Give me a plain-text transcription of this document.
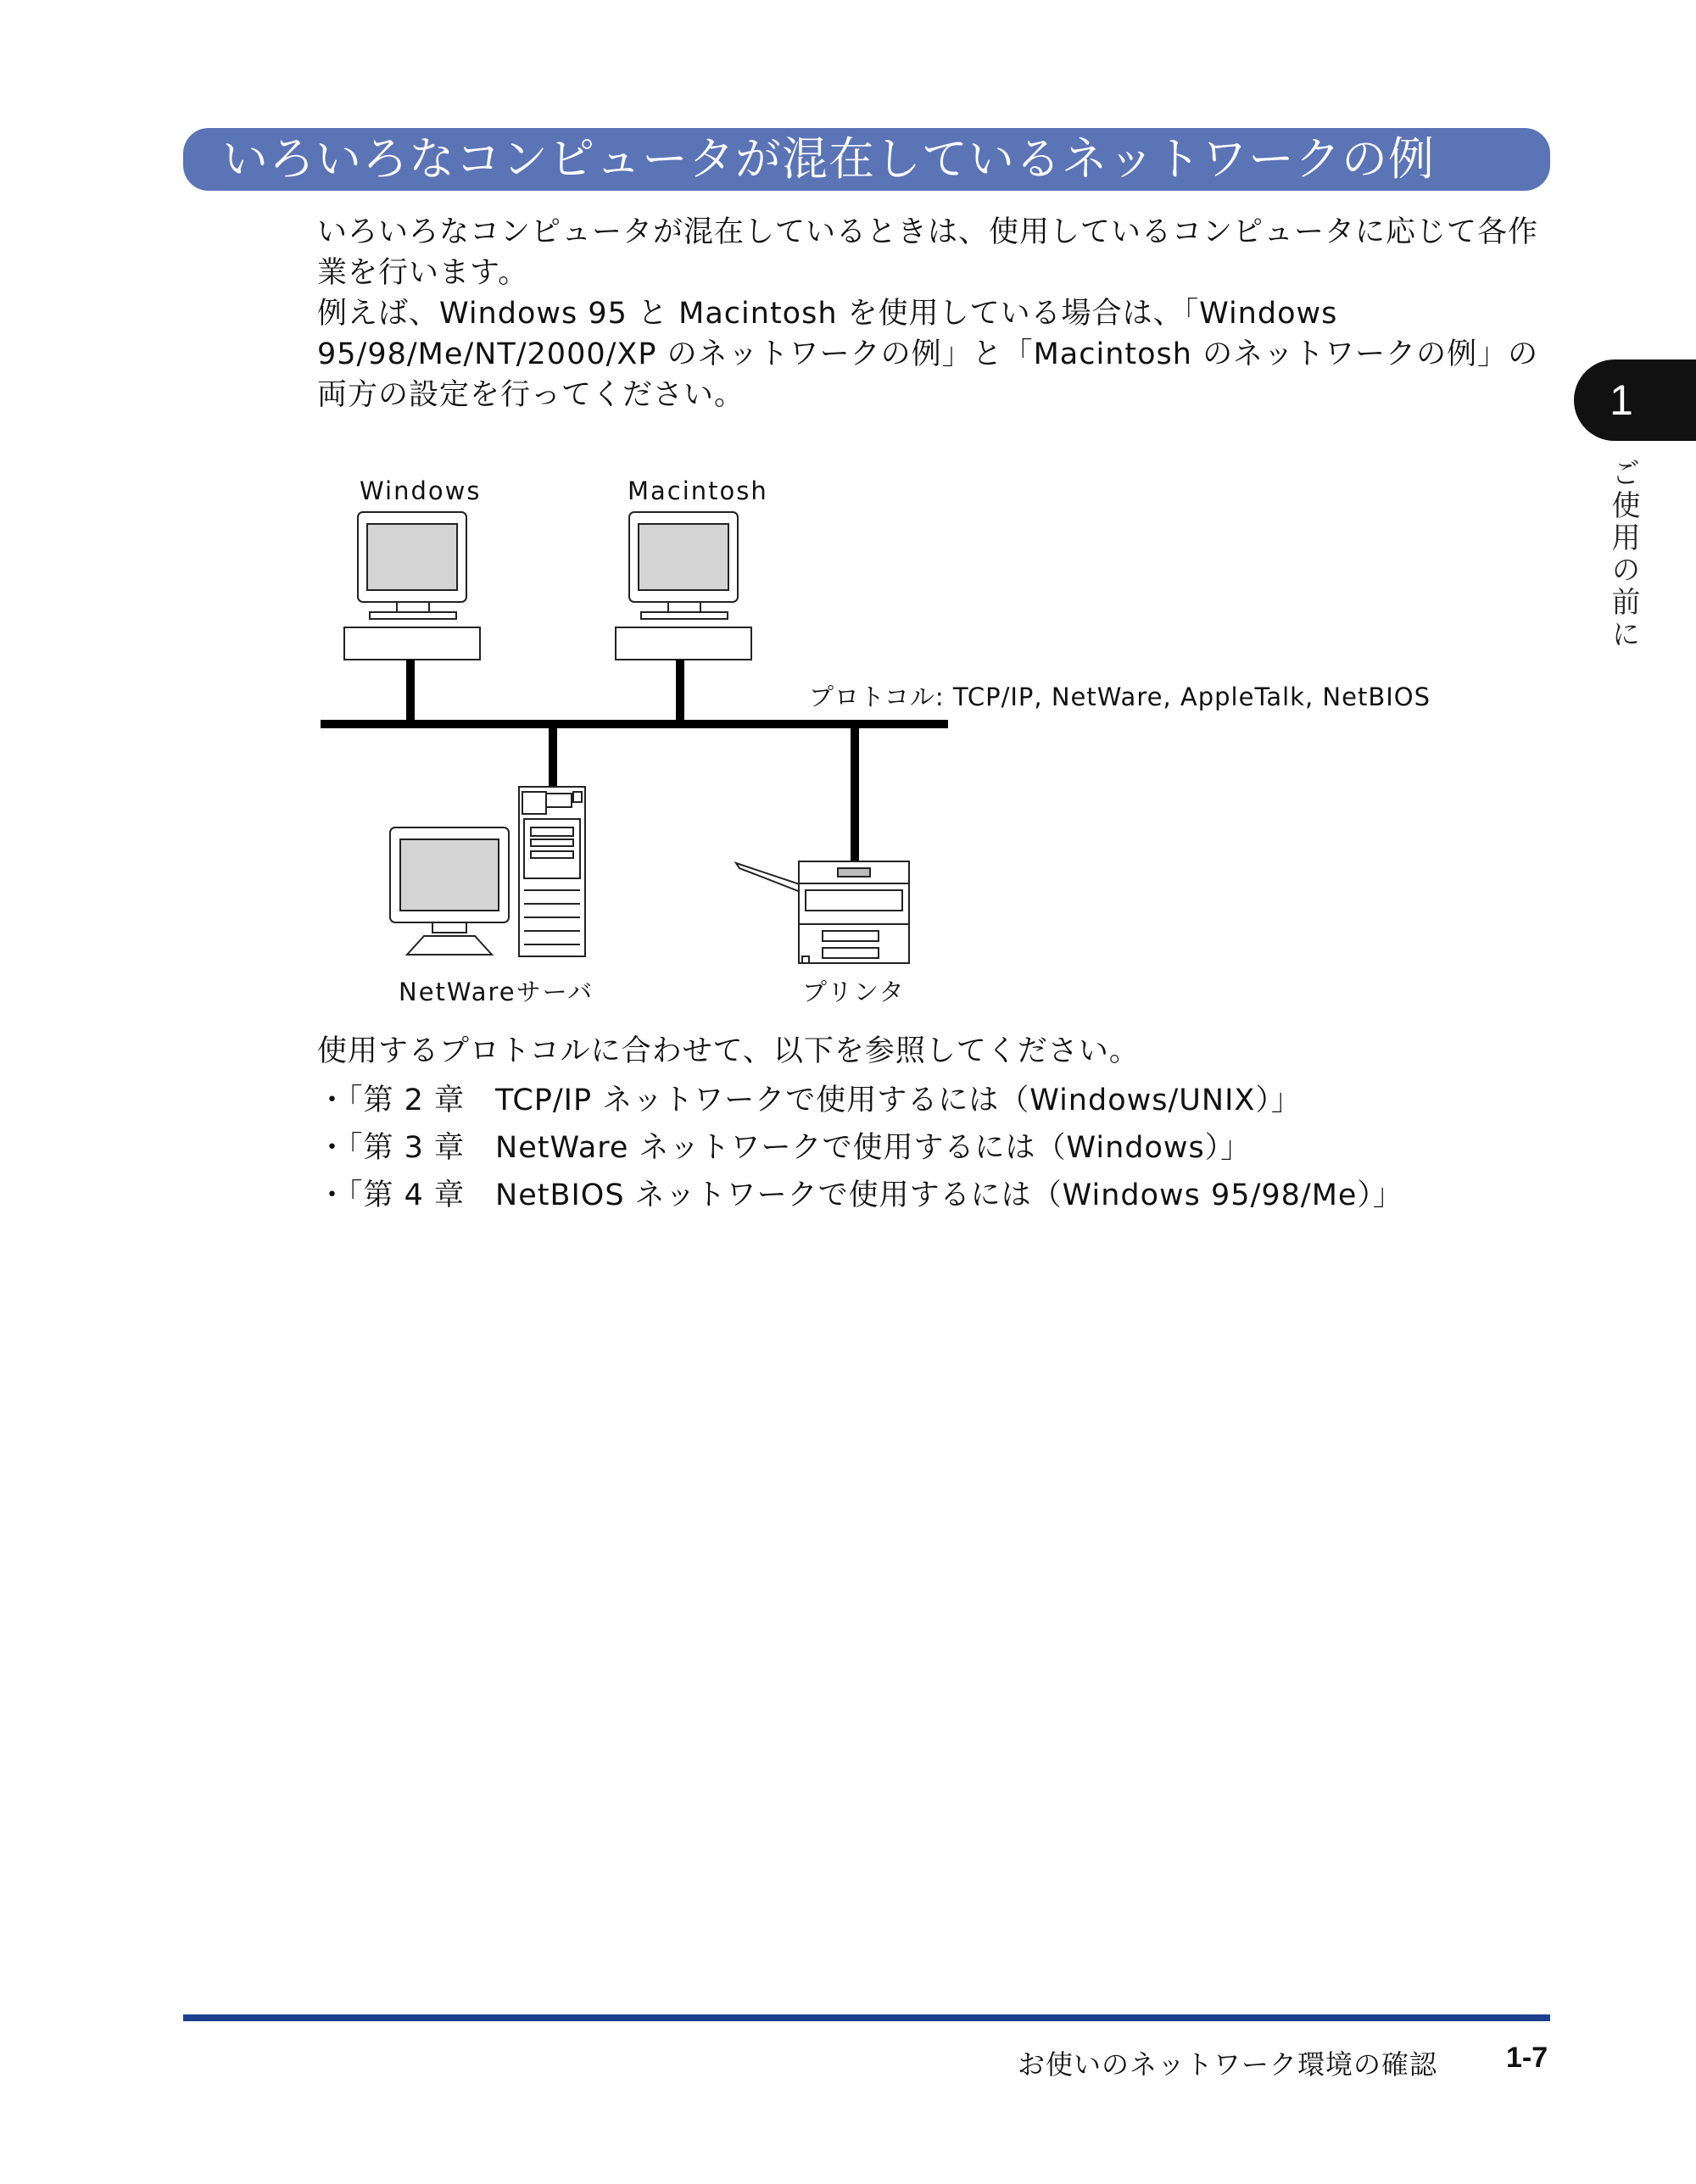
いろいろなコンピュータが混在しているネットワークの例

いろいろなコンピュータが混在しているときは、使用しているコンピュータに応じて各作業を行います。

例えば、Windows 95 と Macintosh を使用している場合は、「Windows 95/98/Me/NT/2000/XP のネットワークの例」と「Macintosh のネットワークの例」の両方の設定を行ってください。	1
ご使用の前に
Windows	Macintosh
プロトコル: TCP/IP, NetWare, AppleTalk, NetBIOS
NetWareサーバ	プリンタ
使用するプロトコルに合わせて、以下を参照してください。
・「第 2 章　TCP/IP ネットワークで使用するには（Windows/UNIX）」
・「第 3 章　NetWare ネットワークで使用するには（Windows）」
・「第 4 章　NetBIOS ネットワークで使用するには（Windows 95/98/Me）」
お使いのネットワーク環境の確認 1-7
